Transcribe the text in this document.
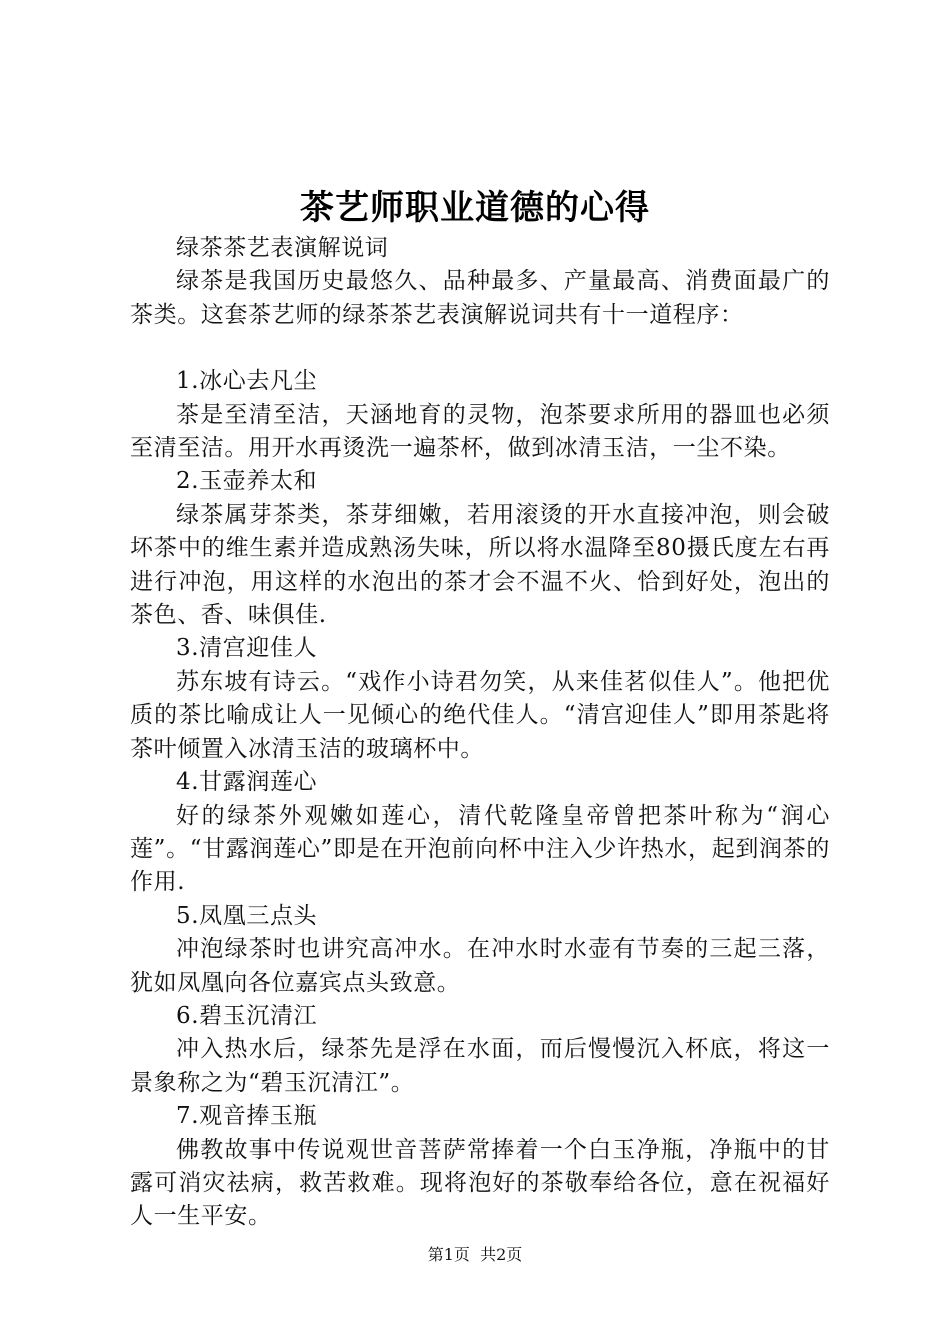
茶艺师职业道德的心得

绿茶茶艺表演解说词

绿茶是我国历史最悠久、品种最多、产量最高、消费面最广的茶类。这套茶艺师的绿茶茶艺表演解说词共有十一道程序：

1.冰心去凡尘

茶是至清至洁，天涵地育的灵物，泡茶要求所用的器皿也必须至清至洁。用开水再烫洗一遍茶杯，做到冰清玉洁，一尘不染。

2.玉壶养太和

绿茶属芽茶类，茶芽细嫩，若用滚烫的开水直接冲泡，则会破坏茶中的维生素并造成熟汤失味，所以将水温降至80摄氏度左右再进行冲泡，用这样的水泡出的茶才会不温不火、恰到好处，泡出的茶色、香、味俱佳.

3.清宫迎佳人

苏东坡有诗云。“戏作小诗君勿笑，从来佳茗似佳人”。他把优质的茶比喻成让人一见倾心的绝代佳人。“清宫迎佳人”即用茶匙将茶叶倾置入冰清玉洁的玻璃杯中。

4.甘露润莲心

好的绿茶外观嫩如莲心，清代乾隆皇帝曾把茶叶称为“润心莲”。“甘露润莲心”即是在开泡前向杯中注入少许热水，起到润茶的作用.

5.凤凰三点头

冲泡绿茶时也讲究高冲水。在冲水时水壶有节奏的三起三落，犹如凤凰向各位嘉宾点头致意。

6.碧玉沉清江

冲入热水后，绿茶先是浮在水面，而后慢慢沉入杯底，将这一景象称之为“碧玉沉清江”。

7.观音捧玉瓶

佛教故事中传说观世音菩萨常捧着一个白玉净瓶，净瓶中的甘露可消灾祛病，救苦救难。现将泡好的茶敬奉给各位，意在祝福好人一生平安。

第1页  共2页
